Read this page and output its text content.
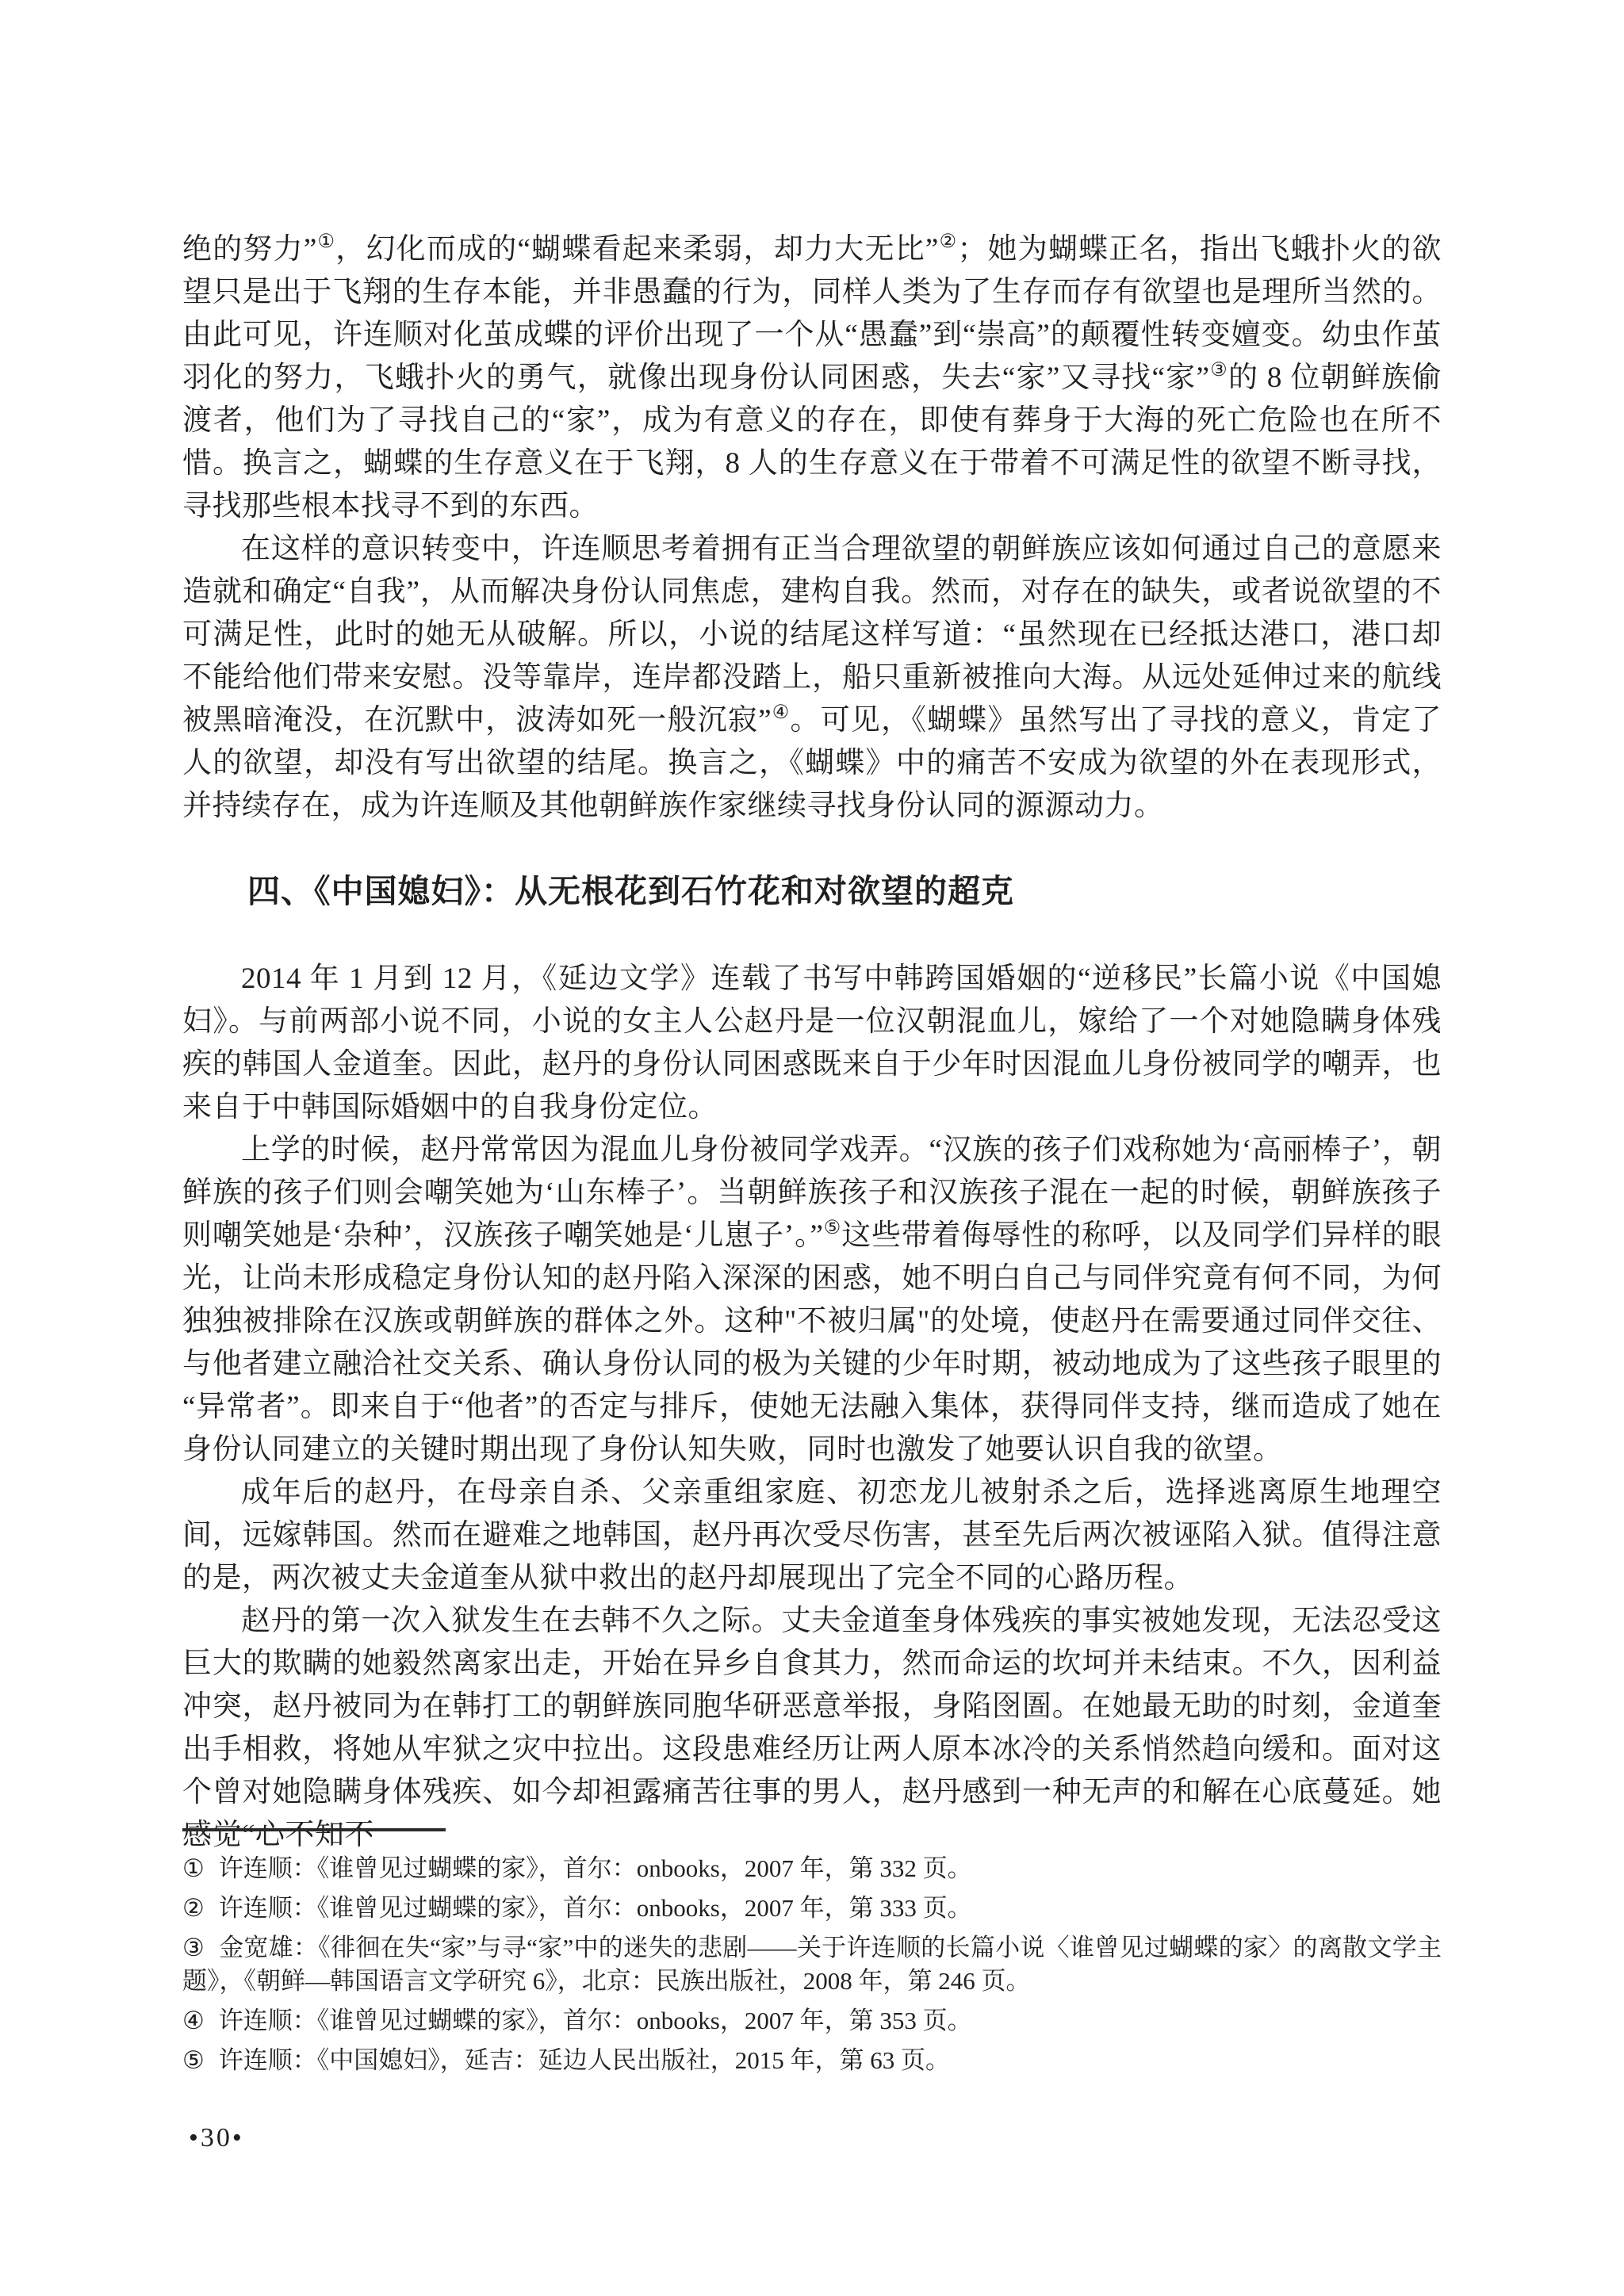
绝的努力”①，幻化而成的“蝴蝶看起来柔弱，却力大无比”②；她为蝴蝶正名，指出飞蛾扑火的欲望只是出于飞翔的生存本能，并非愚蠢的行为，同样人类为了生存而存有欲望也是理所当然的。由此可见，许连顺对化茧成蝶的评价出现了一个从“愚蠢”到“崇高”的颠覆性转变嬗变。幼虫作茧羽化的努力，飞蛾扑火的勇气，就像出现身份认同困惑，失去“家”又寻找“家”③的 8 位朝鲜族偷渡者，他们为了寻找自己的“家”，成为有意义的存在，即使有葬身于大海的死亡危险也在所不惜。换言之，蝴蝶的生存意义在于飞翔，8 人的生存意义在于带着不可满足性的欲望不断寻找，寻找那些根本找寻不到的东西。

在这样的意识转变中，许连顺思考着拥有正当合理欲望的朝鲜族应该如何通过自己的意愿来造就和确定“自我”，从而解决身份认同焦虑，建构自我。然而，对存在的缺失，或者说欲望的不可满足性，此时的她无从破解。所以，小说的结尾这样写道：“虽然现在已经抵达港口，港口却不能给他们带来安慰。没等靠岸，连岸都没踏上，船只重新被推向大海。从远处延伸过来的航线被黑暗淹没，在沉默中，波涛如死一般沉寂”④。可见，《蝴蝶》虽然写出了寻找的意义，肯定了人的欲望，却没有写出欲望的结尾。换言之，《蝴蝶》中的痛苦不安成为欲望的外在表现形式，并持续存在，成为许连顺及其他朝鲜族作家继续寻找身份认同的源源动力。

四、《中国媳妇》：从无根花到石竹花和对欲望的超克

2014 年 1 月到 12 月，《延边文学》连载了书写中韩跨国婚姻的“逆移民”长篇小说《中国媳妇》。与前两部小说不同，小说的女主人公赵丹是一位汉朝混血儿，嫁给了一个对她隐瞒身体残疾的韩国人金道奎。因此，赵丹的身份认同困惑既来自于少年时因混血儿身份被同学的嘲弄，也来自于中韩国际婚姻中的自我身份定位。

上学的时候，赵丹常常因为混血儿身份被同学戏弄。“汉族的孩子们戏称她为‘高丽棒子’，朝鲜族的孩子们则会嘲笑她为‘山东棒子’。当朝鲜族孩子和汉族孩子混在一起的时候，朝鲜族孩子则嘲笑她是‘杂种’，汉族孩子嘲笑她是‘儿崽子’。”⑤这些带着侮辱性的称呼，以及同学们异样的眼光，让尚未形成稳定身份认知的赵丹陷入深深的困惑，她不明白自己与同伴究竟有何不同，为何独独被排除在汉族或朝鲜族的群体之外。这种"不被归属"的处境，使赵丹在需要通过同伴交往、与他者建立融洽社交关系、确认身份认同的极为关键的少年时期，被动地成为了这些孩子眼里的“异常者”。即来自于“他者”的否定与排斥，使她无法融入集体，获得同伴支持，继而造成了她在身份认同建立的关键时期出现了身份认知失败，同时也激发了她要认识自我的欲望。

成年后的赵丹，在母亲自杀、父亲重组家庭、初恋龙儿被射杀之后，选择逃离原生地理空间，远嫁韩国。然而在避难之地韩国，赵丹再次受尽伤害，甚至先后两次被诬陷入狱。值得注意的是，两次被丈夫金道奎从狱中救出的赵丹却展现出了完全不同的心路历程。

赵丹的第一次入狱发生在去韩不久之际。丈夫金道奎身体残疾的事实被她发现，无法忍受这巨大的欺瞒的她毅然离家出走，开始在异乡自食其力，然而命运的坎坷并未结束。不久，因利益冲突，赵丹被同为在韩打工的朝鲜族同胞华研恶意举报，身陷囹圄。在她最无助的时刻，金道奎出手相救，将她从牢狱之灾中拉出。这段患难经历让两人原本冰冷的关系悄然趋向缓和。面对这个曾对她隐瞒身体残疾、如今却袒露痛苦往事的男人，赵丹感到一种无声的和解在心底蔓延。她感觉“心不知不

① 许连顺：《谁曾见过蝴蝶的家》，首尔：onbooks，2007 年，第 332 页。
② 许连顺：《谁曾见过蝴蝶的家》，首尔：onbooks，2007 年，第 333 页。
③ 金宽雄：《徘徊在失“家”与寻“家”中的迷失的悲剧——关于许连顺的长篇小说〈谁曾见过蝴蝶的家〉的离散文学主题》，《朝鲜—韩国语言文学研究 6》，北京：民族出版社，2008 年，第 246 页。
④ 许连顺：《谁曾见过蝴蝶的家》，首尔：onbooks，2007 年，第 353 页。
⑤ 许连顺：《中国媳妇》，延吉：延边人民出版社，2015 年，第 63 页。
•30•
